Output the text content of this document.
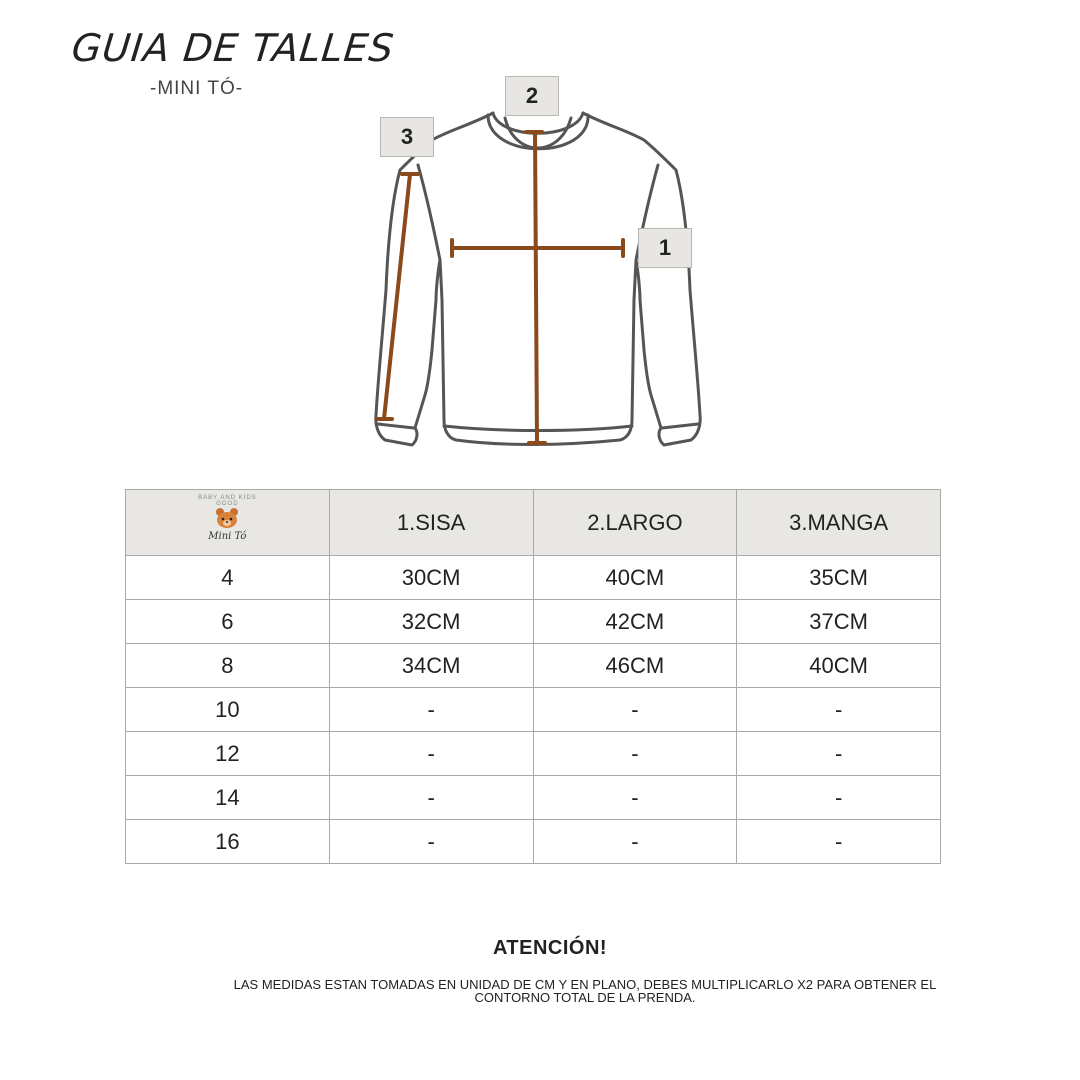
GUIA DE TALLES
-MINI TÓ-	2
3
1
BABY AND KIDS GOOD
Mini Tó	1.SISA	2.LARGO	3.MANGA
4	30CM	40CM	35CM
6	32CM	42CM	37CM
8	34CM	46CM	40CM
10	-	-	-
12	-	-	-
14	-	-	-
16	-	-	-
ATENCIÓN!
LAS MEDIDAS ESTAN TOMADAS EN UNIDAD DE CM Y EN PLANO, DEBES MULTIPLICARLO X2 PARA OBTENER EL CONTORNO TOTAL DE LA PRENDA.
